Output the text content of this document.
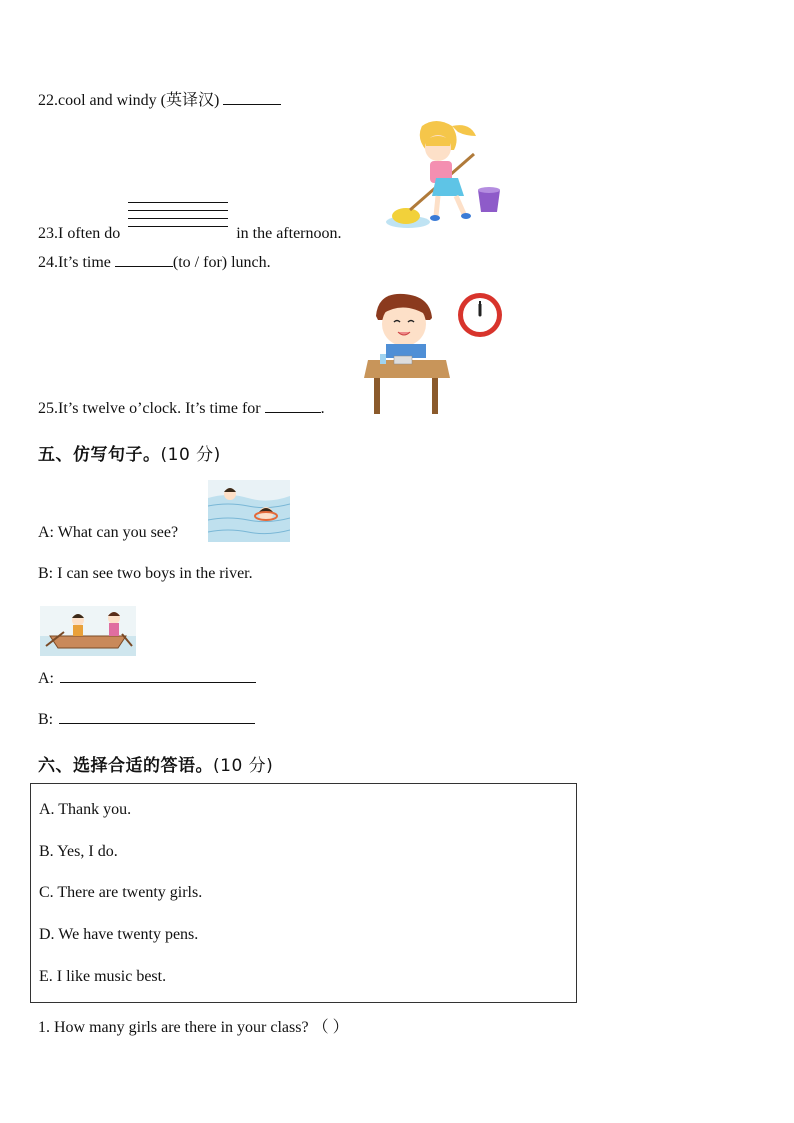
22.cool and windy (英译汉)
23.I often do	in the afternoon.
24.It’s time	(to / for) lunch.
25.It’s twelve o’clock. It’s time for	.
五、仿写句子。(10 分)
A: What can you see?
B: I can see two boys in the river.
A:
B:
六、选择合适的答语。(10 分)
A. Thank you.
B. Yes, I do.
C. There are twenty girls.
D. We have twenty pens.
E. I like music best.
1. How many girls are there in your class? （ ）
